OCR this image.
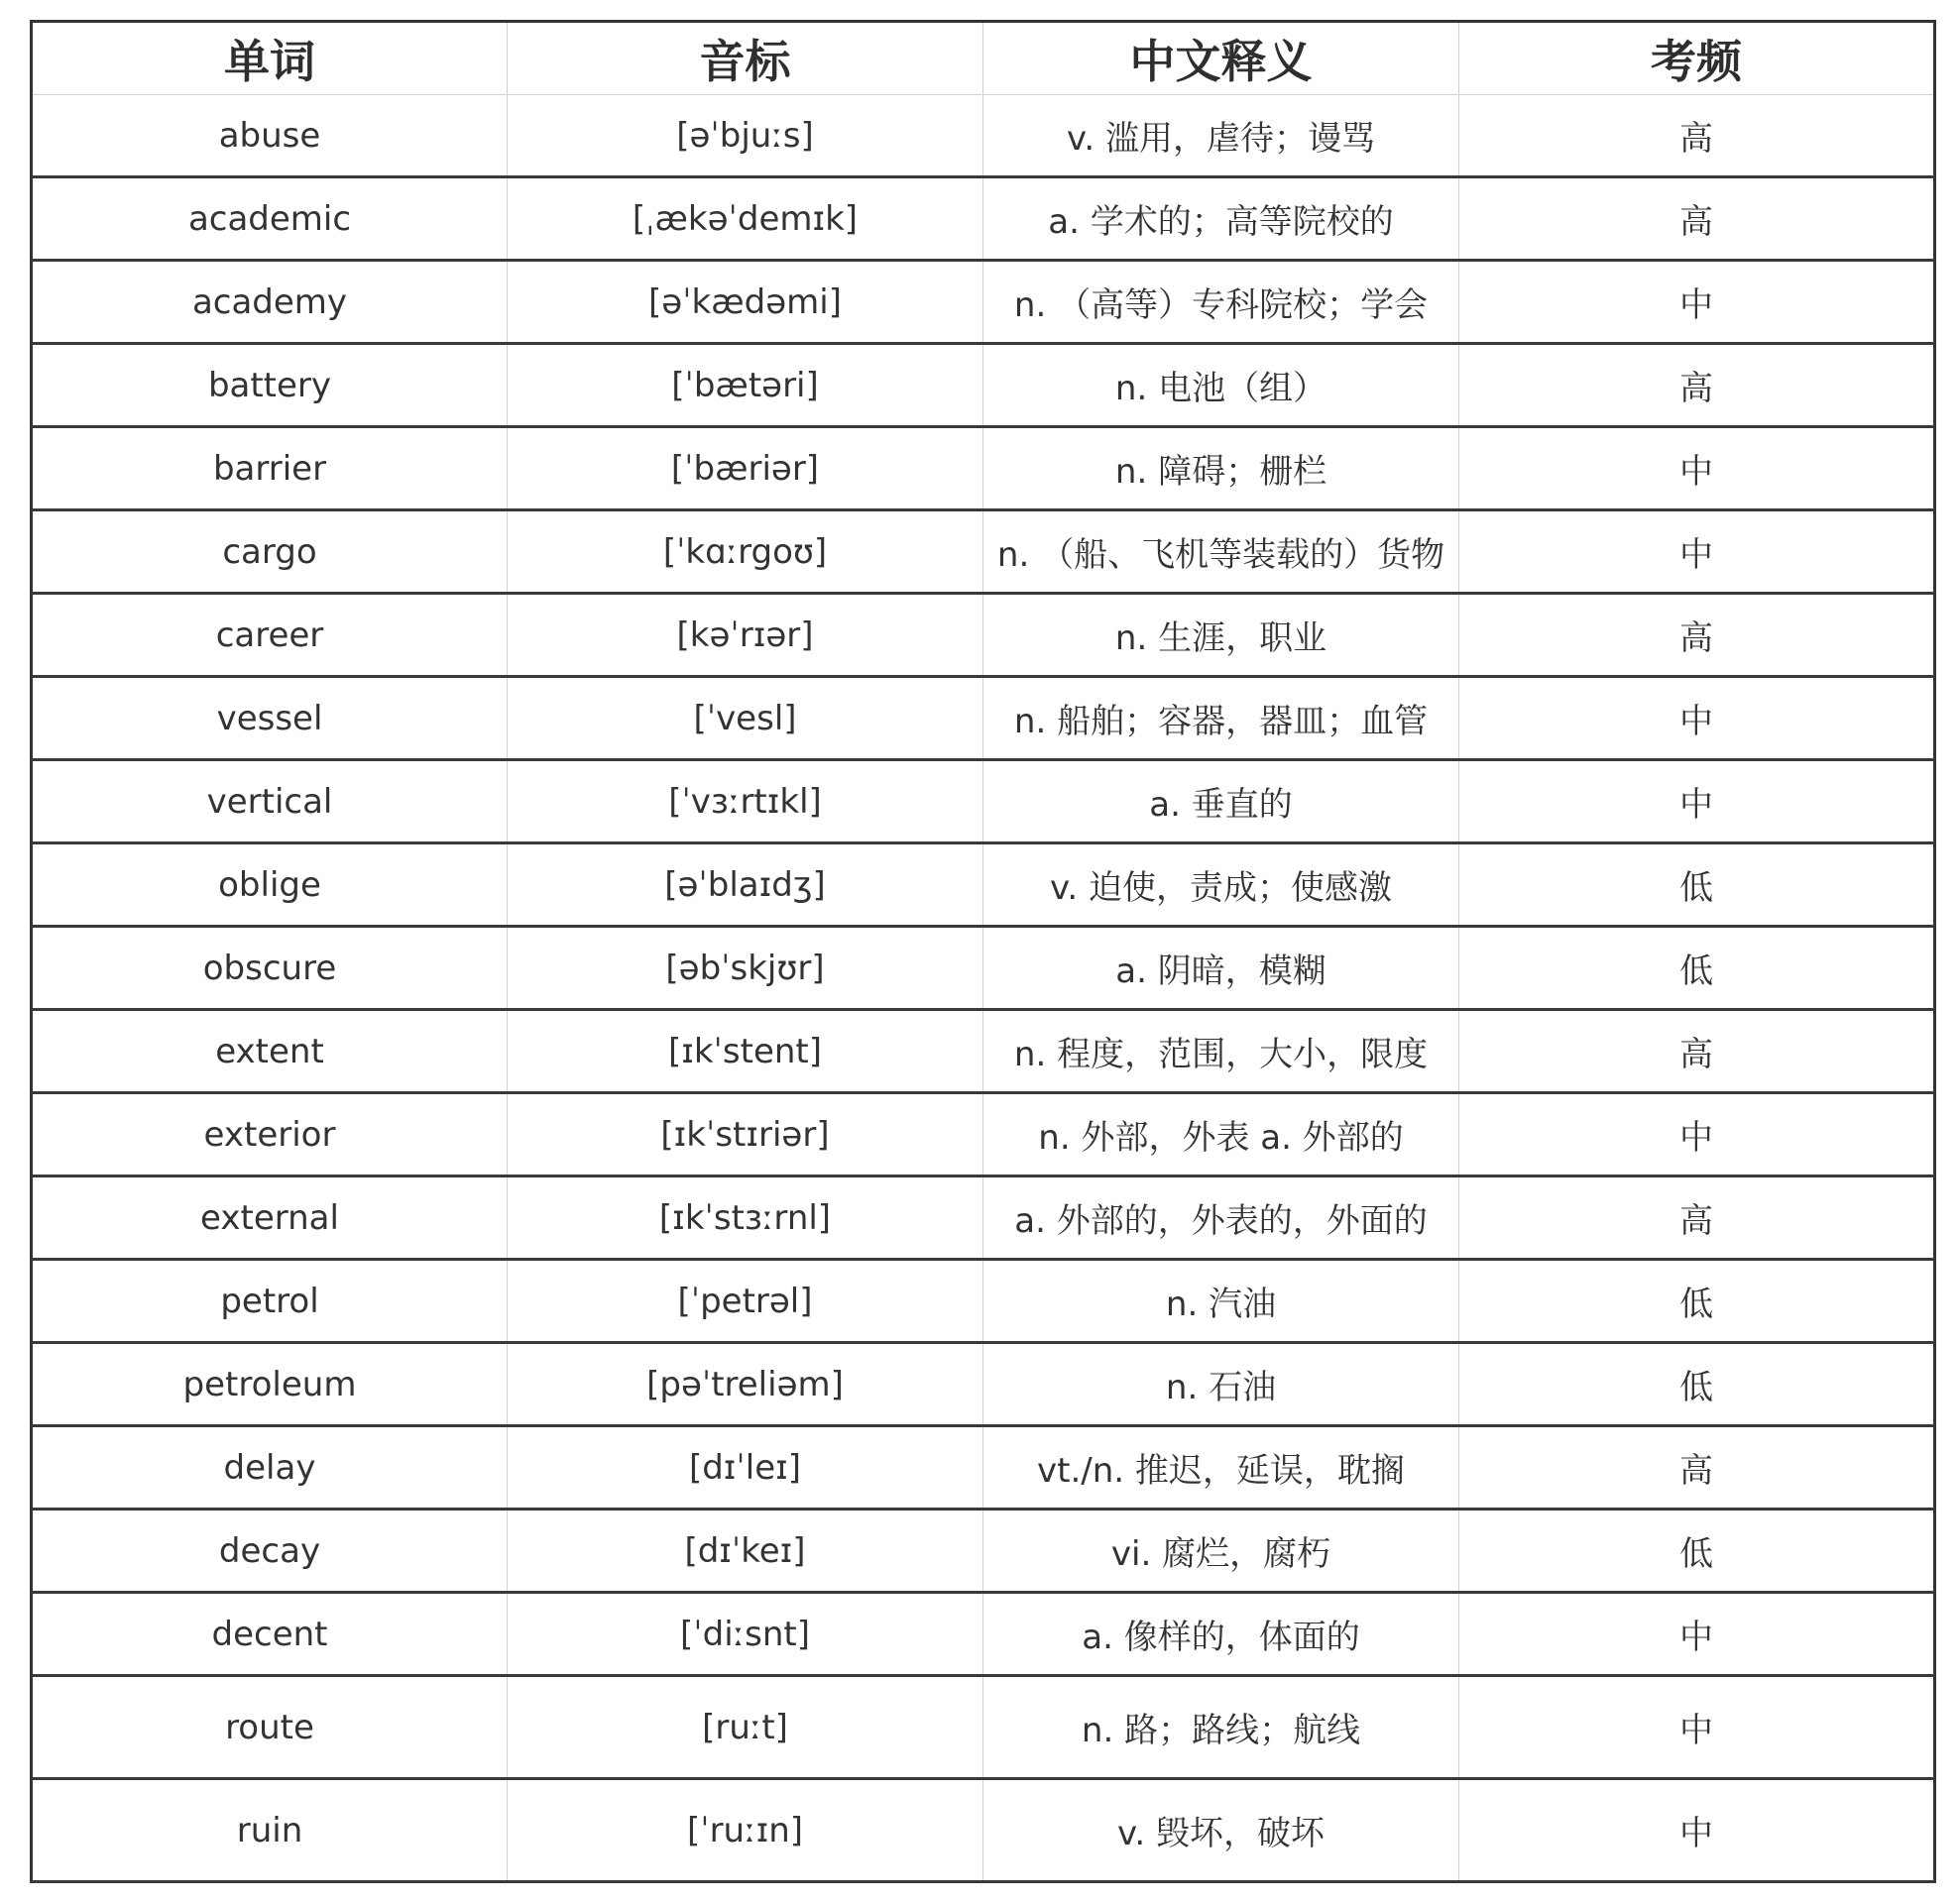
单词	音标	中文释义	考频
abuse	[əˈbjuːs]	v. 滥用，虐待；谩骂	高
academic	[ˌækəˈdemɪk]	a. 学术的；高等院校的	高
academy	[əˈkædəmi]	n. （高等）专科院校；学会	中
battery	[ˈbætəri]	n. 电池（组）	高
barrier	[ˈbæriər]	n. 障碍；栅栏	中
cargo	[ˈkɑːrgoʊ]	n. （船、飞机等装载的）货物	中
career	[kəˈrɪər]	n. 生涯，职业	高
vessel	[ˈvesl]	n. 船舶；容器，器皿；血管	中
vertical	[ˈvɜːrtɪkl]	a. 垂直的	中
oblige	[əˈblaɪdʒ]	v. 迫使，责成；使感激	低
obscure	[əbˈskjʊr]	a. 阴暗，模糊	低
extent	[ɪkˈstent]	n. 程度，范围，大小，限度	高
exterior	[ɪkˈstɪriər]	n. 外部，外表 a. 外部的	中
external	[ɪkˈstɜːrnl]	a. 外部的，外表的，外面的	高
petrol	[ˈpetrəl]	n. 汽油	低
petroleum	[pəˈtreliəm]	n. 石油	低
delay	[dɪˈleɪ]	vt./n. 推迟，延误，耽搁	高
decay	[dɪˈkeɪ]	vi. 腐烂，腐朽	低
decent	[ˈdiːsnt]	a. 像样的，体面的	中
route	[ruːt]	n. 路；路线；航线	中
ruin	[ˈruːɪn]	v. 毁坏，破坏	中
